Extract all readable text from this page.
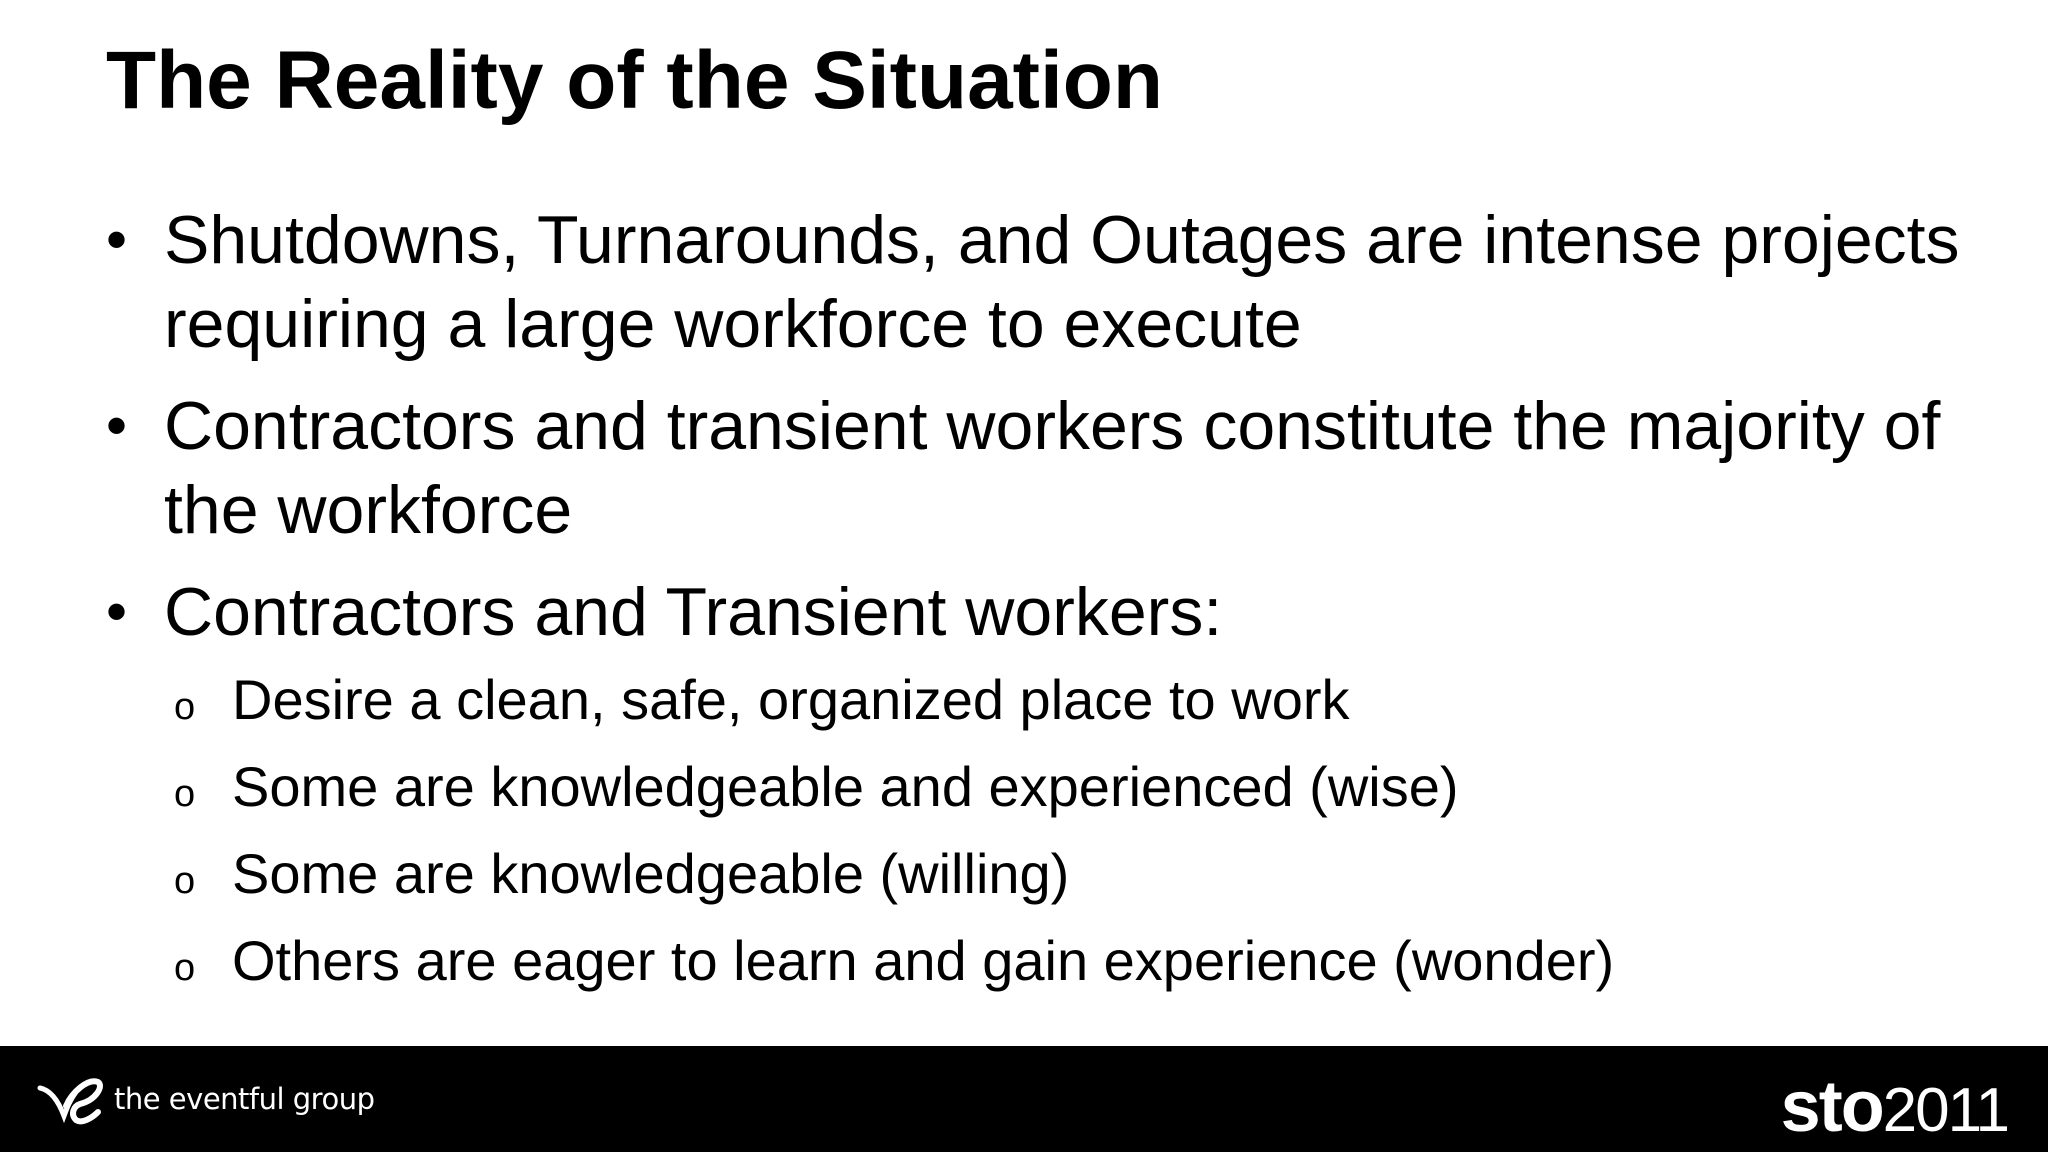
The Reality of the Situation
• Shutdowns, Turnarounds, and Outages are intense projects requiring a large workforce to execute
• Contractors and transient workers constitute the majority of the workforce
• Contractors and Transient workers:
o Desire a clean, safe, organized place to work
o Some are knowledgeable and experienced (wise)
o Some are knowledgeable (willing)
o Others are eager to learn and gain experience (wonder)
the eventful group	sto 2011
